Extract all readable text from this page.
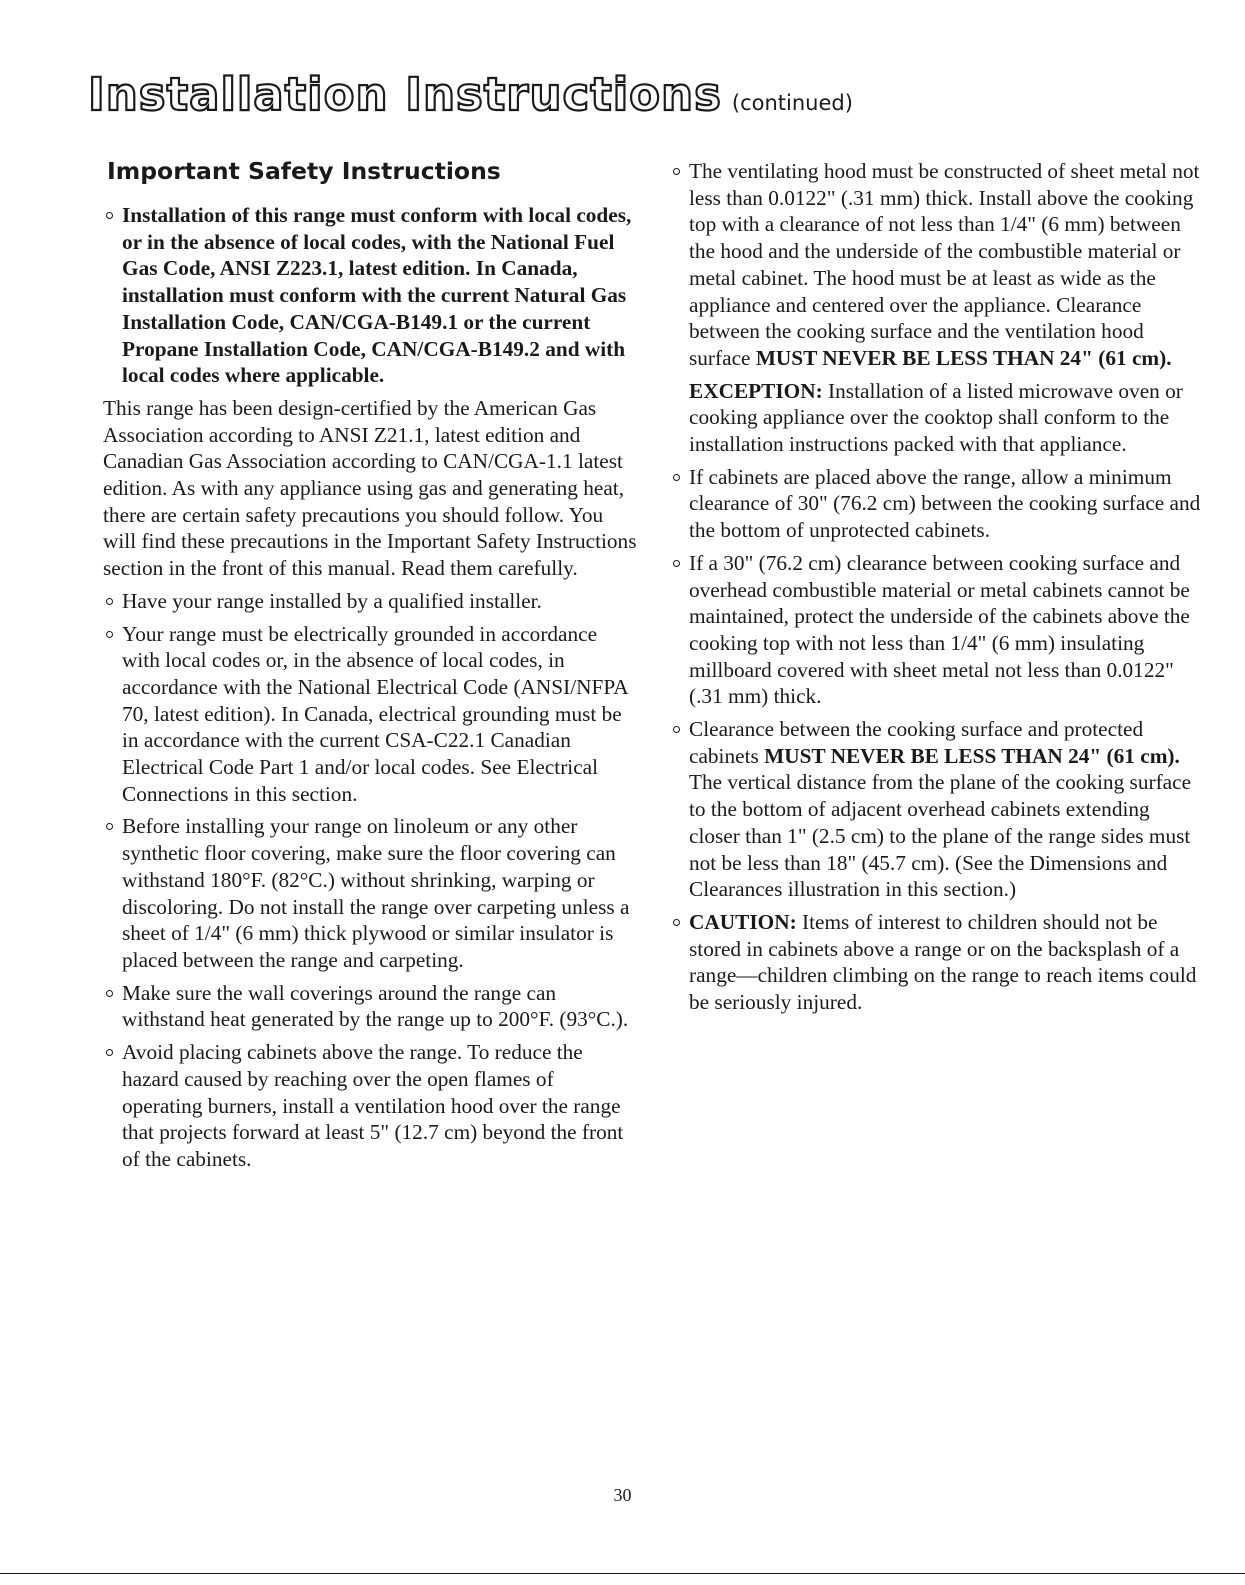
Installation Instructions (continued)
Important Safety Instructions
Installation of this range must conform with local codes, or in the absence of local codes, with the National Fuel Gas Code, ANSI Z223.1, latest edition. In Canada, installation must conform with the current Natural Gas Installation Code, CAN/CGA-B149.1 or the current Propane Installation Code, CAN/CGA-B149.2 and with local codes where applicable.
This range has been design-certified by the American Gas Association according to ANSI Z21.1, latest edition and Canadian Gas Association according to CAN/CGA-1.1 latest edition. As with any appliance using gas and generating heat, there are certain safety precautions you should follow. You will find these precautions in the Important Safety Instructions section in the front of this manual. Read them carefully.
Have your range installed by a qualified installer.
Your range must be electrically grounded in accordance with local codes or, in the absence of local codes, in accordance with the National Electrical Code (ANSI/NFPA 70, latest edition). In Canada, electrical grounding must be in accordance with the current CSA-C22.1 Canadian Electrical Code Part 1 and/or local codes. See Electrical Connections in this section.
Before installing your range on linoleum or any other synthetic floor covering, make sure the floor covering can withstand 180°F. (82°C.) without shrinking, warping or discoloring. Do not install the range over carpeting unless a sheet of 1/4" (6 mm) thick plywood or similar insulator is placed between the range and carpeting.
Make sure the wall coverings around the range can withstand heat generated by the range up to 200°F. (93°C.).
Avoid placing cabinets above the range. To reduce the hazard caused by reaching over the open flames of operating burners, install a ventilation hood over the range that projects forward at least 5" (12.7 cm) beyond the front of the cabinets.
The ventilating hood must be constructed of sheet metal not less than 0.0122" (.31 mm) thick. Install above the cooking top with a clearance of not less than 1/4" (6 mm) between the hood and the underside of the combustible material or metal cabinet. The hood must be at least as wide as the appliance and centered over the appliance. Clearance between the cooking surface and the ventilation hood surface MUST NEVER BE LESS THAN 24" (61 cm).
EXCEPTION: Installation of a listed microwave oven or cooking appliance over the cooktop shall conform to the installation instructions packed with that appliance.
If cabinets are placed above the range, allow a minimum clearance of 30" (76.2 cm) between the cooking surface and the bottom of unprotected cabinets.
If a 30" (76.2 cm) clearance between cooking surface and overhead combustible material or metal cabinets cannot be maintained, protect the underside of the cabinets above the cooking top with not less than 1/4" (6 mm) insulating millboard covered with sheet metal not less than 0.0122" (.31 mm) thick.
Clearance between the cooking surface and protected cabinets MUST NEVER BE LESS THAN 24" (61 cm). The vertical distance from the plane of the cooking surface to the bottom of adjacent overhead cabinets extending closer than 1" (2.5 cm) to the plane of the range sides must not be less than 18" (45.7 cm). (See the Dimensions and Clearances illustration in this section.)
CAUTION: Items of interest to children should not be stored in cabinets above a range or on the backsplash of a range—children climbing on the range to reach items could be seriously injured.
30
